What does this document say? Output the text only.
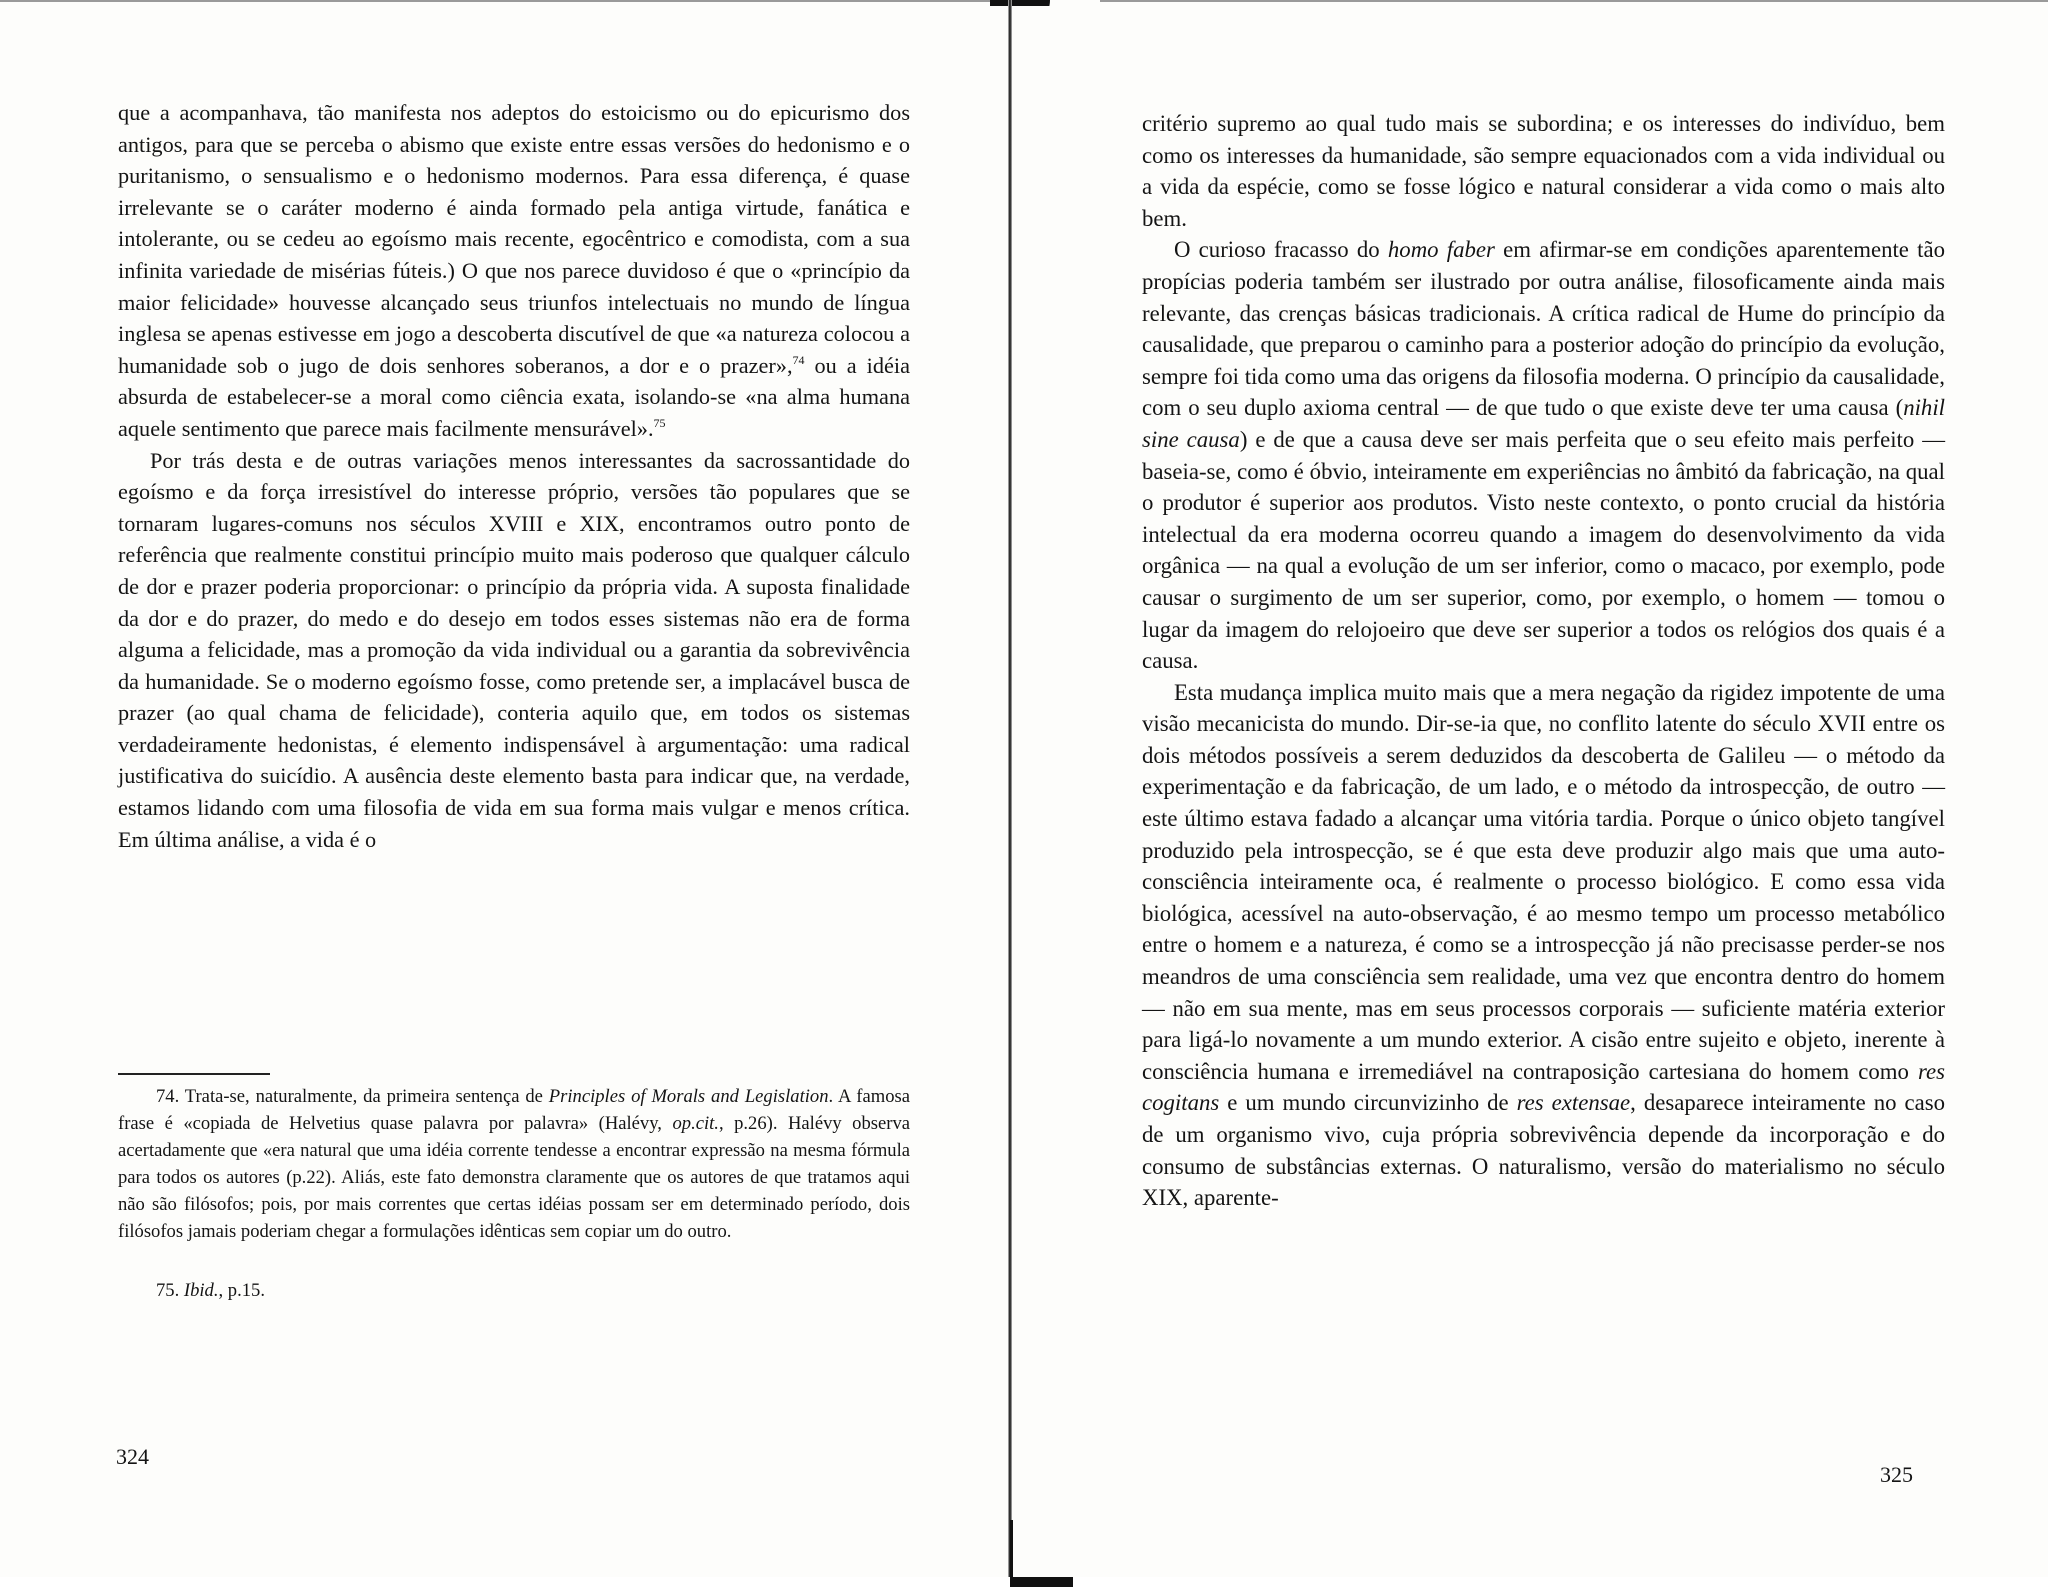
que a acompanhava, tão manifesta nos adeptos do estoicismo ou do epicurismo dos antigos, para que se perceba o abismo que existe entre essas versões do hedonismo e o puritanismo, o sensualismo e o hedonismo modernos. Para essa diferença, é quase irrelevante se o caráter moderno é ainda formado pela antiga virtude, fanática e intolerante, ou se cedeu ao egoísmo mais recente, egocêntrico e comodista, com a sua infinita variedade de misérias fúteis.) O que nos parece duvidoso é que o «princípio da maior felicidade» houvesse alcançado seus triunfos intelectuais no mundo de língua inglesa se apenas estivesse em jogo a descoberta discutível de que «a natureza colocou a humanidade sob o jugo de dois senhores soberanos, a dor e o prazer»,$^{74}$ ou a idéia absurda de estabelecer-se a moral como ciência exata, isolando-se «na alma humana aquele sentimento que parece mais facilmente mensurável».$^{75}$

Por trás desta e de outras variações menos interessantes da sacrossantidade do egoísmo e da força irresistível do interesse próprio, versões tão populares que se tornaram lugares-comuns nos séculos XVIII e XIX, encontramos outro ponto de referência que realmente constitui princípio muito mais poderoso que qualquer cálculo de dor e prazer poderia proporcionar: o princípio da própria vida. A suposta finalidade da dor e do prazer, do medo e do desejo em todos esses sistemas não era de forma alguma a felicidade, mas a promoção da vida individual ou a garantia da sobrevivência da humanidade. Se o moderno egoísmo fosse, como pretende ser, a implacável busca de prazer (ao qual chama de felicidade), conteria aquilo que, em todos os sistemas verdadeiramente hedonistas, é elemento indispensável à argumentação: uma radical justificativa do suicídio. A ausência deste elemento basta para indicar que, na verdade, estamos lidando com uma filosofia de vida em sua forma mais vulgar e menos crítica. Em última análise, a vida é o

74. Trata-se, naturalmente, da primeira sentença de Principles of Morals and Legislation. A famosa frase é «copiada de Helvetius quase palavra por palavra» (Halévy, op.cit., p.26). Halévy observa acertadamente que «era natural que uma idéia corrente tendesse a encontrar expressão na mesma fórmula para todos os autores (p.22). Aliás, este fato demonstra claramente que os autores de que tratamos aqui não são filósofos; pois, por mais correntes que certas idéias possam ser em determinado período, dois filósofos jamais poderiam chegar a formulações idênticas sem copiar um do outro.

75. Ibid., p.15.

324

critério supremo ao qual tudo mais se subordina; e os interesses do indivíduo, bem como os interesses da humanidade, são sempre equacionados com a vida individual ou a vida da espécie, como se fosse lógico e natural considerar a vida como o mais alto bem.

O curioso fracasso do homo faber em afirmar-se em condições aparentemente tão propícias poderia também ser ilustrado por outra análise, filosoficamente ainda mais relevante, das crenças básicas tradicionais. A crítica radical de Hume do princípio da causalidade, que preparou o caminho para a posterior adoção do princípio da evolução, sempre foi tida como uma das origens da filosofia moderna. O princípio da causalidade, com o seu duplo axioma central — de que tudo o que existe deve ter uma causa (nihil sine causa) e de que a causa deve ser mais perfeita que o seu efeito mais perfeito — baseia-se, como é óbvio, inteiramente em experiências no âmbitó da fabricação, na qual o produtor é superior aos produtos. Visto neste contexto, o ponto crucial da história intelectual da era moderna ocorreu quando a imagem do desenvolvimento da vida orgânica — na qual a evolução de um ser inferior, como o macaco, por exemplo, pode causar o surgimento de um ser superior, como, por exemplo, o homem — tomou o lugar da imagem do relojoeiro que deve ser superior a todos os relógios dos quais é a causa.

Esta mudança implica muito mais que a mera negação da rigidez impotente de uma visão mecanicista do mundo. Dir-se-ia que, no conflito latente do século XVII entre os dois métodos possíveis a serem deduzidos da descoberta de Galileu — o método da experimentação e da fabricação, de um lado, e o método da introspecção, de outro — este último estava fadado a alcançar uma vitória tardia. Porque o único objeto tangível produzido pela introspecção, se é que esta deve produzir algo mais que uma auto-consciência inteiramente oca, é realmente o processo biológico. E como essa vida biológica, acessível na auto-observação, é ao mesmo tempo um processo metabólico entre o homem e a natureza, é como se a introspecção já não precisasse perder-se nos meandros de uma consciência sem realidade, uma vez que encontra dentro do homem — não em sua mente, mas em seus processos corporais — suficiente matéria exterior para ligá-lo novamente a um mundo exterior. A cisão entre sujeito e objeto, inerente à consciência humana e irremediável na contraposição cartesiana do homem como res cogitans e um mundo circunvizinho de res extensae, desaparece inteiramente no caso de um organismo vivo, cuja própria sobrevivência depende da incorporação e do consumo de substâncias externas. O naturalismo, versão do materialismo no século XIX, aparente-

325
